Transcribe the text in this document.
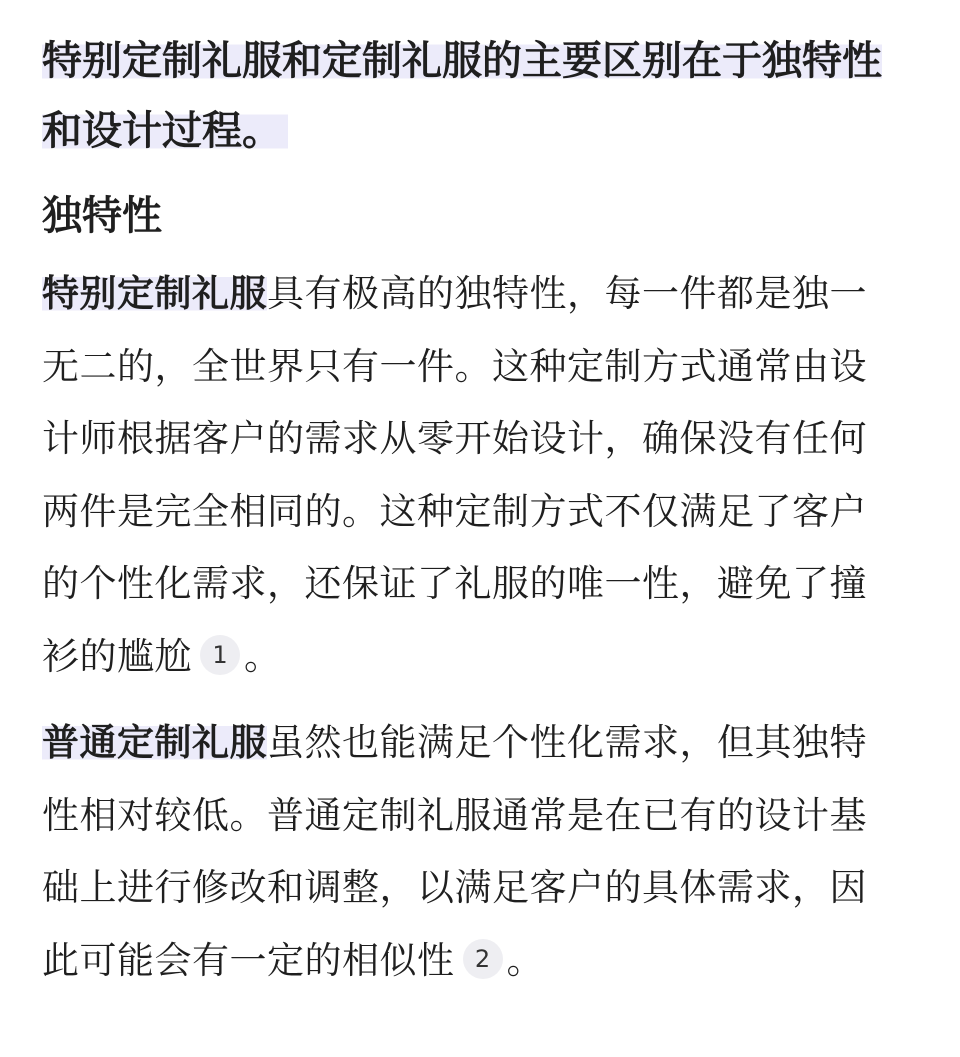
特别定制礼服和定制礼服的主要区别在于独特性和设计过程。

独特性

特别定制礼服具有极高的独特性，每一件都是独一无二的，全世界只有一件。这种定制方式通常由设计师根据客户的需求从零开始设计，确保没有任何两件是完全相同的。这种定制方式不仅满足了客户的个性化需求，还保证了礼服的唯一性，避免了撞衫的尴尬 1 。

普通定制礼服虽然也能满足个性化需求，但其独特性相对较低。普通定制礼服通常是在已有的设计基础上进行修改和调整，以满足客户的具体需求，因此可能会有一定的相似性 2 。
